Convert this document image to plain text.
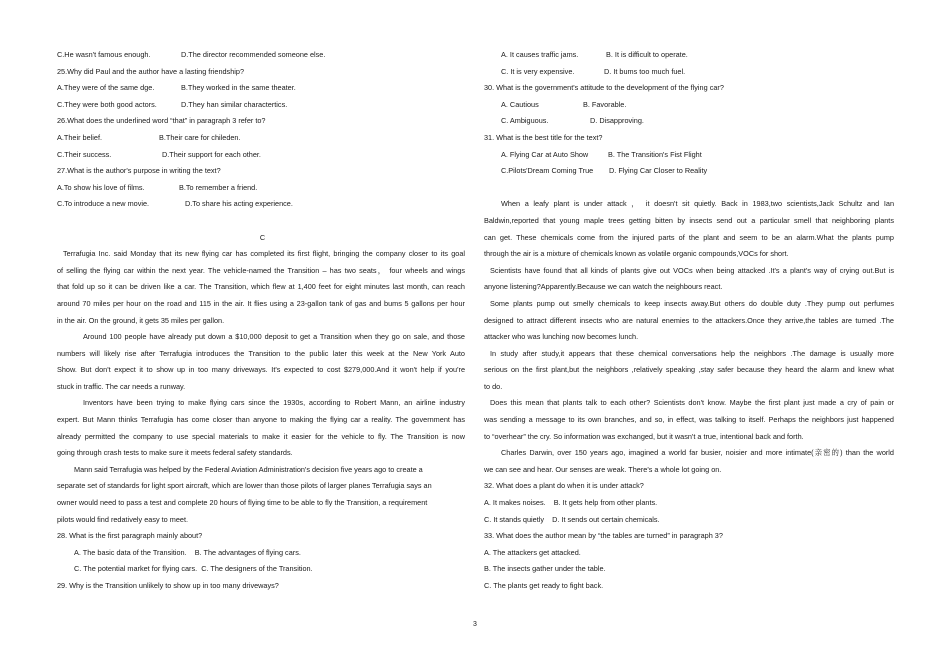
C.He wasn't famous enough.	D.The director recommended someone else.
25.Why did Paul and the author have a lasting friendship?
A.They were of the same dge.	B.They worked in the same theater.
C.They were both good actors.	D.They han similar charactertics.
26.What does the underlined word “that” in paragraph 3 refer to?
A.Their belief.	B.Their care for chileden.
C.Their success.	D.Their support for each other.
27.What is the author's purpose in writing the text?
A.To show his love of films.	B.To remember a friend.
C.To introduce a new movie.	D.To share his acting experience.
C
Terrafugia Inc. said Monday that its new flying car has completed its first flight, bringing the company closer to its goal
of selling the flying car within the next year. The vehicle-named the Transition – has two seats， four wheels and wings
that fold up so it can be driven like a car. The Transition, which flew at 1,400 feet for eight minutes last month, can reach
around 70 miles per hour on the road and 115 in the air. It flies using a 23-gallon tank of gas and bums 5 gallons per hour
in the air. On the ground, it gets 35 miles per gallon.
Around 100 people have already put down a $10,000 deposit to get a Transition when they go on sale, and those
numbers will likely rise after Terrafugia introduces the Transition to the public later this week at the New York Auto
Show. But don't expect it to show up in too many driveways. It's expected to cost $279,000.And it won't help if you're
stuck in traffic. The car needs a runway.
Inventors have been trying to make flying cars since the 1930s, according to Robert Mann, an airline industry
expert. But Mann thinks Terrafugia has come closer than anyone to making the flying car a reality. The government has
already permitted the company to use special materials to make it easier for the vehicle to fly. The Transition is now
going through crash tests to make sure it meets federal safety standards.
Mann said Terrafugia was helped by the Federal Aviation Administration's decision five years ago to create a
separate set of standards for light sport aircraft, which are lower than those pilots of larger planes Terrafugia says an
owner would need to pass a test and complete 20 hours of flying time to be able to fly the Transition, a requirement
pilots would find redatively easy to meet.
28. What is the first paragraph mainly about?
A. The basic data of the Transition.    B. The advantages of flying cars.
C. The potential market for flying cars.  C. The designers of the Transition.
29. Why is the Transition unlikely to show up in too many driveways?
A. It causes traffic jams.	B. It is difficult to operate.
C. It is very expensive.	D. It bums too much fuel.
30. What is the government's attitude to the development of the flying car?
A. Cautious	B. Favorable.
C. Ambiguous.	D. Disapproving.
31. What is the best title for the text?
A. Flying Car at Auto Show	B. The Transition's Fist Flight
C.Pilots'Dream Coming True D. Flying Car Closer to Reality
When a leafy plant is under attack ， it doesn't sit quietly. Back in 1983,two scientists,Jack Schultz and Ian
Baldwin,reported that young maple trees getting bitten by insects send out a particular smell that neighboring plants
can get. These chemicals come from the injured parts of the plant and seem to be an alarm.What the plants pump
through the air is a mixture of chemicals known as volatile organic compounds,VOCs for short.
Scientists have found that all kinds of plants give out VOCs when being attacked .It's a plant's way of crying out.But is
anyone listening?Apparently.Because we can watch the neighbours react.
Some plants pump out smelly chemicals to keep insects away.But others do double duty .They pump out perfumes
designed to attract different insects who are natural enemies to the attackers.Once they arrive,the tables are turned .The
attacker who was lunching now becomes lunch.
In study after study,it appears that these chemical conversations help the neighbors .The damage is usually more
serious on the first plant,but the neighbors ,relatively speaking ,stay safer because they heard the alarm and knew what
to do.
Does this mean that plants talk to each other? Scientists don't know. Maybe the first plant just made a cry of pain or
was sending a message to its own branches, and so, in effect, was talking to itself. Perhaps the neighbors just happened
to “overhear” the cry. So information was exchanged, but it wasn't a true, intentional back and forth.
Charles Darwin, over 150 years ago, imagined a world far busier, noisier and more intimate(亲密的) than the world
we can see and hear. Our senses are weak. There's a whole lot going on.
32. What does a plant do when it is under attack?
A. It makes noises.    B. It gets help from other plants.
C. It stands quietly    D. It sends out certain chemicals.
33. What does the author mean by “the tables are turned” in paragraph 3?
A. The attackers get attacked.
B. The insects gather under the table.
C. The plants get ready to fight back.
3
